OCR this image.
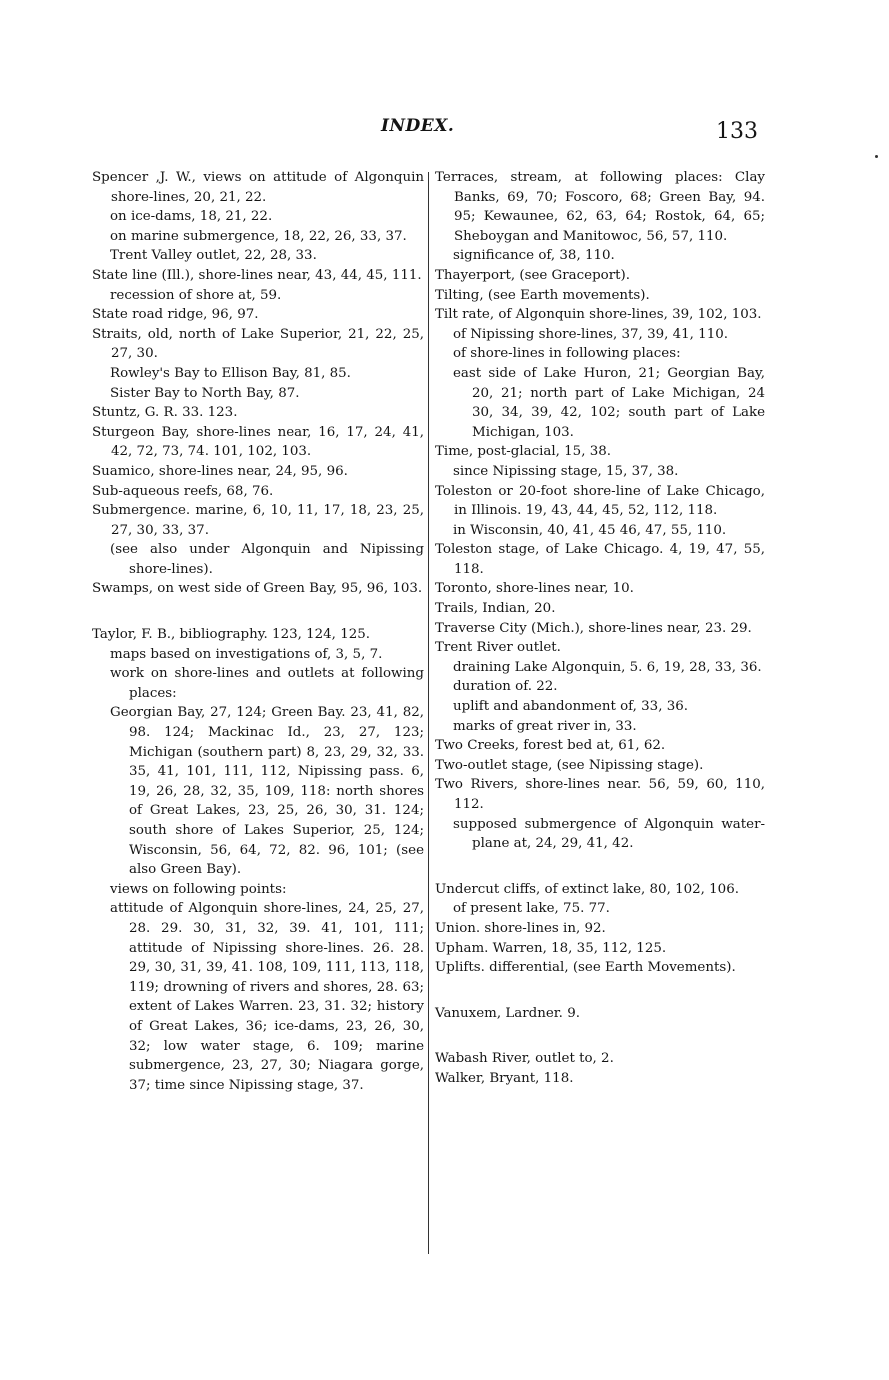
INDEX.	133
Spencer ,J. W., views on attitude of Algonquin shore-lines, 20, 21, 22.
on ice-dams, 18, 21, 22.
on marine submergence, 18, 22, 26, 33, 37.
Trent Valley outlet, 22, 28, 33.
State line (Ill.), shore-lines near, 43, 44, 45, 111.
recession of shore at, 59.
State road ridge, 96, 97.
Straits, old, north of Lake Superior, 21, 22, 25, 27, 30.
Rowley's Bay to Ellison Bay, 81, 85.
Sister Bay to North Bay, 87.
Stuntz, G. R. 33. 123.
Sturgeon Bay, shore-lines near, 16, 17, 24, 41, 42, 72, 73, 74. 101, 102, 103.
Suamico, shore-lines near, 24, 95, 96.
Sub-aqueous reefs, 68, 76.
Submergence. marine, 6, 10, 11, 17, 18, 23, 25, 27, 30, 33, 37.
(see also under Algonquin and Nipissing shore-lines).
Swamps, on west side of Green Bay, 95, 96, 103.
Taylor, F. B., bibliography. 123, 124, 125.
maps based on investigations of, 3, 5, 7.
work on shore-lines and outlets at following places:
Georgian Bay, 27, 124; Green Bay. 23, 41, 82, 98. 124; Mackinac Id., 23, 27, 123; Michigan (southern part) 8, 23, 29, 32, 33. 35, 41, 101, 111, 112, Nipissing pass. 6, 19, 26, 28, 32, 35, 109, 118: north shores of Great Lakes, 23, 25, 26, 30, 31. 124; south shore of Lakes Superior, 25, 124; Wisconsin, 56, 64, 72, 82. 96, 101; (see also Green Bay).
views on following points:
attitude of Algonquin shore-lines, 24, 25, 27, 28. 29. 30, 31, 32, 39. 41, 101, 111; attitude of Nipissing shore-lines. 26. 28. 29, 30, 31, 39, 41. 108, 109, 111, 113, 118, 119; drowning of rivers and shores, 28. 63; extent of Lakes Warren. 23, 31. 32; history of Great Lakes, 36; ice-dams, 23, 26, 30, 32; low water stage, 6. 109; marine submergence, 23, 27, 30; Niagara gorge, 37; time since Nipissing stage, 37.
Terraces, stream, at following places: Clay Banks, 69, 70; Foscoro, 68; Green Bay, 94. 95; Kewaunee, 62, 63, 64; Rostok, 64, 65; Sheboygan and Manitowoc, 56, 57, 110.
significance of, 38, 110.
Thayerport, (see Graceport).
Tilting, (see Earth movements).
Tilt rate, of Algonquin shore-lines, 39, 102, 103.
of Nipissing shore-lines, 37, 39, 41, 110.
of shore-lines in following places:
east side of Lake Huron, 21; Georgian Bay, 20, 21; north part of Lake Michigan, 24 30, 34, 39, 42, 102; south part of Lake Michigan, 103.
Time, post-glacial, 15, 38.
since Nipissing stage, 15, 37, 38.
Toleston or 20-foot shore-line of Lake Chicago, in Illinois. 19, 43, 44, 45, 52, 112, 118.
in Wisconsin, 40, 41, 45 46, 47, 55, 110.
Toleston stage, of Lake Chicago. 4, 19, 47, 55, 118.
Toronto, shore-lines near, 10.
Trails, Indian, 20.
Traverse City (Mich.), shore-lines near, 23. 29.
Trent River outlet.
draining Lake Algonquin, 5. 6, 19, 28, 33, 36.
duration of. 22.
uplift and abandonment of, 33, 36.
marks of great river in, 33.
Two Creeks, forest bed at, 61, 62.
Two-outlet stage, (see Nipissing stage).
Two Rivers, shore-lines near. 56, 59, 60, 110, 112.
supposed submergence of Algonquin water-plane at, 24, 29, 41, 42.
Undercut cliffs, of extinct lake, 80, 102, 106.
of present lake, 75. 77.
Union. shore-lines in, 92.
Upham. Warren, 18, 35, 112, 125.
Uplifts. differential, (see Earth Movements).
Vanuxem, Lardner. 9.
Wabash River, outlet to, 2.
Walker, Bryant, 118.
